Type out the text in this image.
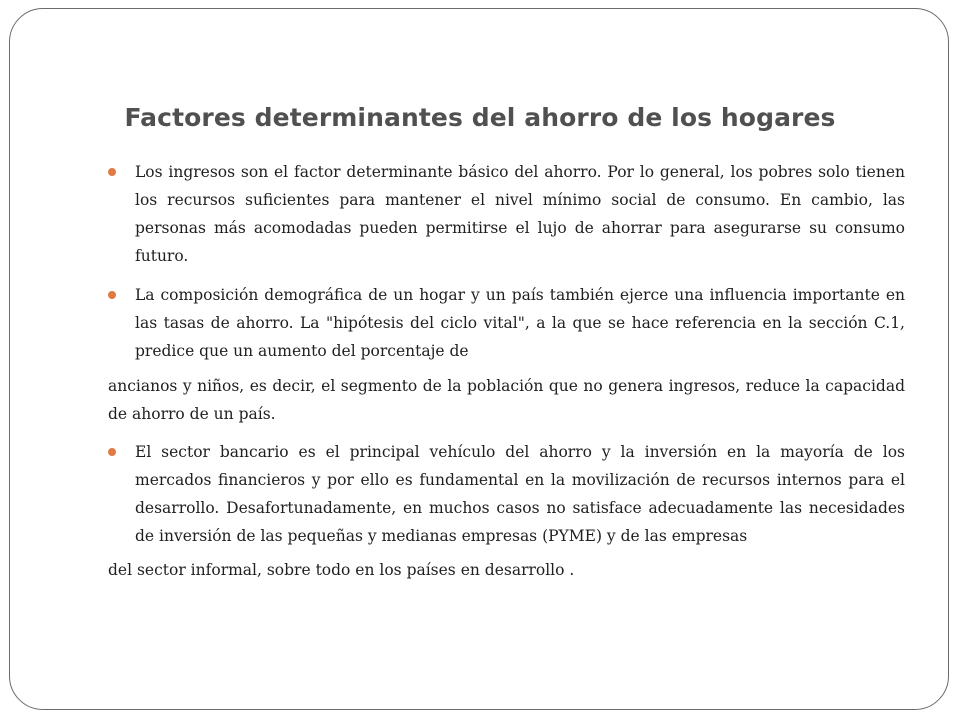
Factores determinantes del ahorro de los hogares

Los ingresos son el factor determinante básico del ahorro. Por lo general, los pobres solo tienen los recursos suficientes para mantener el nivel mínimo social de consumo. En cambio, las personas más acomodadas pueden permitirse el lujo de ahorrar para asegurarse su consumo futuro.

La composición demográfica de un hogar y un país también ejerce una influencia importante en las tasas de ahorro. La "hipótesis del ciclo vital", a la que se hace referencia en la sección C.1, predice que un aumento del porcentaje de

ancianos y niños, es decir, el segmento de la población que no genera ingresos, reduce la capacidad de ahorro de un país.

El sector bancario es el principal vehículo del ahorro y la inversión en la mayoría de los mercados financieros y por ello es fundamental en la movilización de recursos internos para el desarrollo. Desafortunadamente, en muchos casos no satisface adecuadamente las necesidades de inversión de las pequeñas y medianas empresas (PYME) y de las empresas

del sector informal, sobre todo en los países en desarrollo .
